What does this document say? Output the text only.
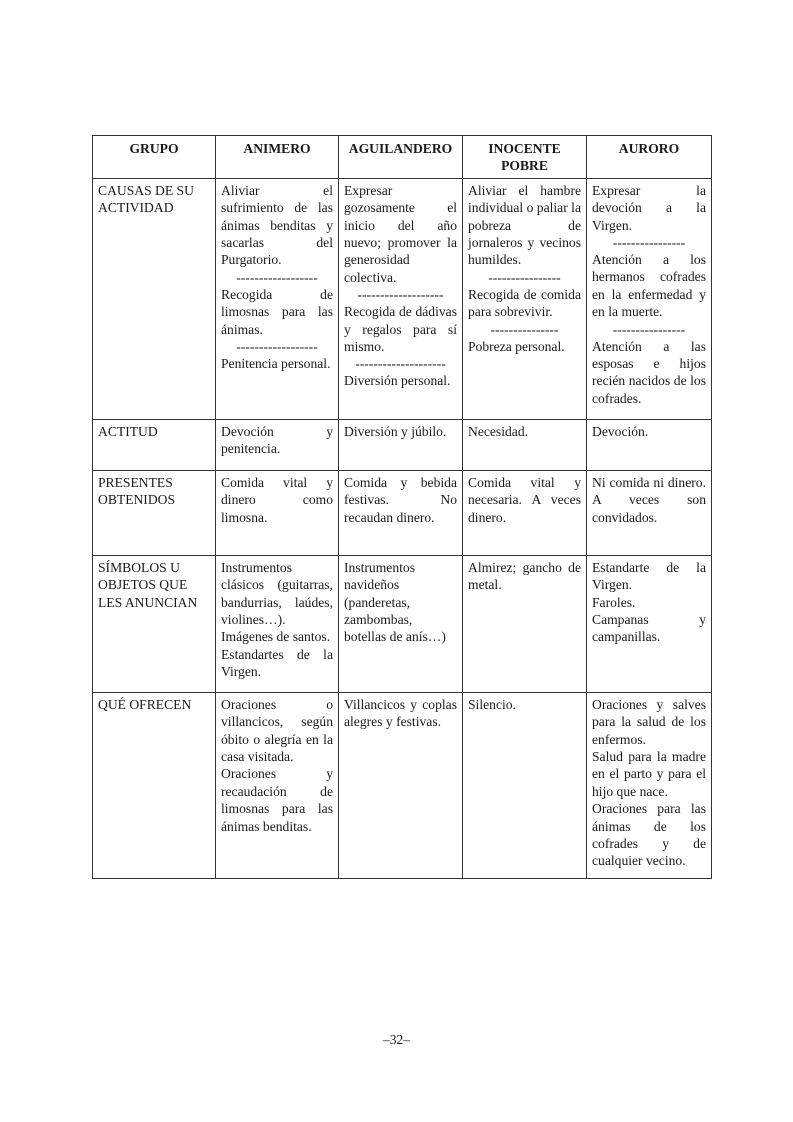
GRUPO	ANIMERO	AGUILANDERO	INOCENTE POBRE	AURORO

CAUSAS DE SU ACTIVIDAD	Aliviar el sufrimiento de las ánimas benditas y sacarlas del Purgatorio.
------------------
Recogida de limosnas para las ánimas.
------------------
Penitencia personal.	Expresar gozosamente el inicio del año nuevo; promover la generosidad colectiva.
-------------------
Recogida de dádivas y regalos para sí mismo.
--------------------
Diversión personal.	Aliviar el hambre individual o paliar la pobreza de jornaleros y vecinos humildes.
----------------
Recogida de comida para sobrevivir.
---------------
Pobreza personal.	Expresar la devoción a la Virgen.
----------------
Atención a los hermanos cofrades en la enfermedad y en la muerte.
----------------
Atención a las esposas e hijos recién nacidos de los cofrades.

ACTITUD	Devoción y penitencia.	Diversión y júbilo.	Necesidad.	Devoción.

PRESENTES OBTENIDOS	Comida vital y dinero como limosna.	Comida y bebida festivas. No recaudan dinero.	Comida vital y necesaria. A veces dinero.	Ni comida ni dinero. A veces son convidados.

SÍMBOLOS U OBJETOS QUE LES ANUNCIAN	Instrumentos clásicos (guitarras, bandurrias, laúdes, violines…).
Imágenes de santos.
Estandartes de la Virgen.	Instrumentos navideños (panderetas, zambombas, botellas de anís…)	Almirez; gancho de metal.	Estandarte de la Virgen.
Faroles.
Campanas y campanillas.

QUÉ OFRECEN	Oraciones o villancicos, según óbito o alegría en la casa visitada.
Oraciones y recaudación de limosnas para las ánimas benditas.	Villancicos y coplas alegres y festivas.	Silencio.	Oraciones y salves para la salud de los enfermos.
Salud para la madre en el parto y para el hijo que nace.
Oraciones para las ánimas de los cofrades y de cualquier vecino.
–32–
